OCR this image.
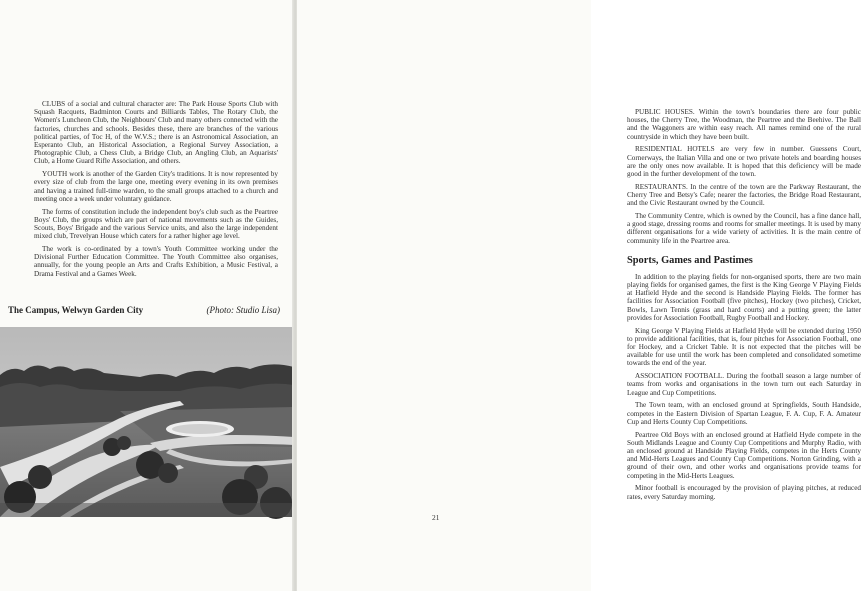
CLUBS of a social and cultural character are: The Park House Sports Club with Squash Racquets, Badminton Courts and Billiards Tables, The Rotary Club, the Women's Luncheon Club, the Neighbours' Club and many others connected with the factories, churches and schools. Besides these, there are branches of the various political parties, of Toc H, of the W.V.S.; there is an Astronomical Association, an Esperanto Club, an Historical Association, a Regional Survey Association, a Photographic Club, a Chess Club, a Bridge Club, an Angling Club, an Aquarists' Club, a Home Guard Rifle Association, and others.

YOUTH work is another of the Garden City's traditions. It is now represented by every size of club from the large one, meeting every evening in its own premises and having a trained full-time warden, to the small groups attached to a church and meeting once a week under voluntary guidance.

The forms of constitution include the independent boy's club such as the Peartree Boys' Club, the groups which are part of national movements such as the Guides, Scouts, Boys' Brigade and the various Service units, and also the large independent mixed club, Trevelyan House which caters for a rather higher age level.

The work is co-ordinated by a town's Youth Committee working under the Divisional Further Education Committee. The Youth Committee also organises, annually, for the young people an Arts and Crafts Exhibition, a Music Festival, a Drama Festival and a Games Week.

The Campus, Welwyn Garden City	(Photo: Studio Lisa)

PUBLIC HOUSES. Within the town's boundaries there are four public houses, the Cherry Tree, the Woodman, the Peartree and the Beehive. The Ball and the Waggoners are within easy reach. All names remind one of the rural countryside in which they have been built.

RESIDENTIAL HOTELS are very few in number. Guessens Court, Cornerways, the Italian Villa and one or two private hotels and boarding houses are the only ones now available. It is hoped that this deficiency will be made good in the further development of the town.

RESTAURANTS. In the centre of the town are the Parkway Restaurant, the Cherry Tree and Betsy's Cafe; nearer the factories, the Bridge Road Restaurant, and the Civic Restaurant owned by the Council.

The Community Centre, which is owned by the Council, has a fine dance hall, a good stage, dressing rooms and rooms for smaller meetings. It is used by many different organisations for a wide variety of activities. It is the main centre of community life in the Peartree area.

Sports, Games and Pastimes

In addition to the playing fields for non-organised sports, there are two main playing fields for organised games, the first is the King George V Playing Fields at Hatfield Hyde and the second is Handside Playing Fields. The former has facilities for Association Football (five pitches), Hockey (two pitches), Cricket, Bowls, Lawn Tennis (grass and hard courts) and a putting green; the latter provides for Association Football, Rugby Football and Hockey.

King George V Playing Fields at Hatfield Hyde will be extended during 1950 to provide additional facilities, that is, four pitches for Association Football, one for Hockey, and a Cricket Table. It is not expected that the pitches will be available for use until the work has been completed and consolidated sometime towards the end of the year.

ASSOCIATION FOOTBALL. During the football season a large number of teams from works and organisations in the town turn out each Saturday in League and Cup Competitions.

The Town team, with an enclosed ground at Springfields, South Handside, competes in the Eastern Division of Spartan League, F. A. Cup, F. A. Amateur Cup and Herts County Cup Competitions.

Peartree Old Boys with an enclosed ground at Hatfield Hyde compete in the South Midlands League and County Cup Competitions and Murphy Radio, with an enclosed ground at Handside Playing Fields, competes in the Herts County and Mid-Herts Leagues and County Cup Competitions. Norton Grinding, with a ground of their own, and other works and organisations provide teams for competing in the Mid-Herts Leagues.

Minor football is encouraged by the provision of playing pitches, at reduced rates, every Saturday morning.

21
